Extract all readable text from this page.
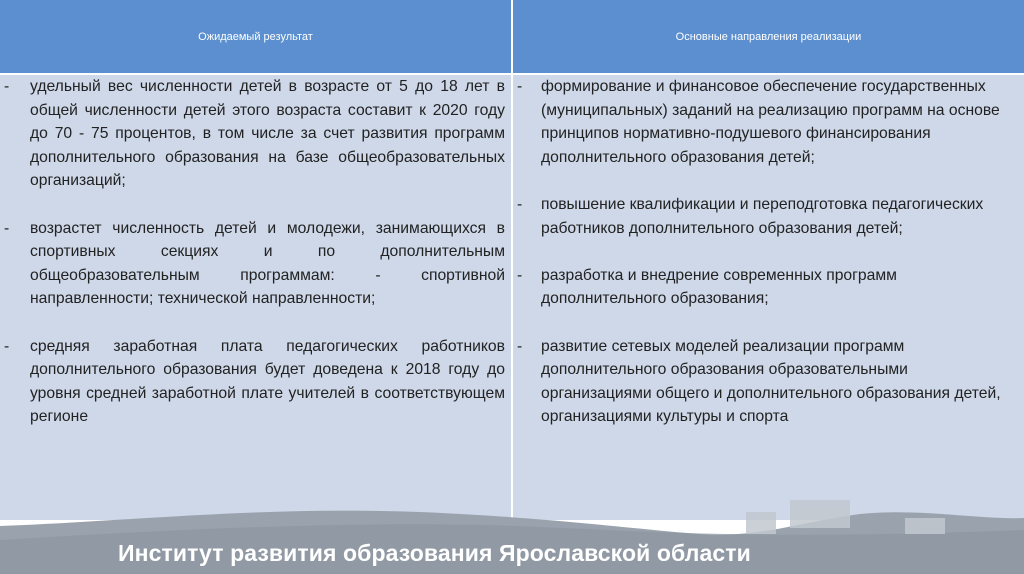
Ожидаемый результат	Основные направления реализации
- удельный вес численности детей в возрасте от 5 до 18 лет в общей численности детей этого возраста составит к 2020 году до 70 - 75 процентов, в том числе за счет развития программ дополнительного образования на базе общеобразовательных организаций;
- возрастет численность детей и молодежи, занимающихся в спортивных секциях и по дополнительным общеобразовательным программам: - спортивной направленности; технической направленности;
- средняя заработная плата педагогических работников дополнительного образования будет доведена к 2018 году до уровня средней заработной плате учителей в соответствующем регионе
- формирование и финансовое обеспечение государственных (муниципальных) заданий на реализацию программ на основе принципов нормативно-подушевого финансирования дополнительного образования детей;
- повышение квалификации и переподготовка педагогических работников дополнительного образования детей;
- разработка и внедрение современных программ дополнительного образования;
- развитие сетевых моделей реализации программ дополнительного образования образовательными организациями общего и дополнительного образования детей, организациями культуры и спорта
Институт развития образования Ярославской области
